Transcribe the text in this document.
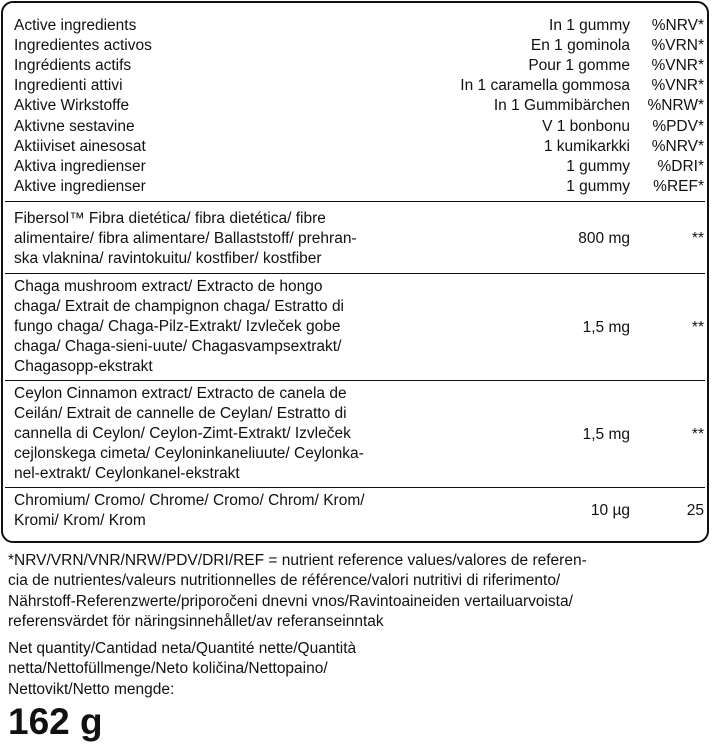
Active ingredients	In 1 gummy %NRV*
Ingredientes activos	En 1 gominola %VRN*
Ingrédients actifs	Pour 1 gomme %VNR*
Ingredienti attivi	In 1 caramella gommosa %VNR*
Aktive Wirkstoffe	In 1 Gummibärchen %NRW*
Aktivne sestavine	V 1 bonbonu %PDV*
Aktiiviset ainesosat	1 kumikarkki %NRV*
Aktiva ingredienser	1 gummy %DRI*
Aktive ingredienser	1 gummy %REF*
Fibersol™ Fibra dietética/ fibra dietética/ fibre
alimentaire/ fibra alimentare/ Ballaststoff/ prehran-
ska vlaknina/ ravintokuitu/ kostfiber/ kostfiber
800 mg	**
Chaga mushroom extract/ Extracto de hongo
chaga/ Extrait de champignon chaga/ Estratto di
fungo chaga/ Chaga-Pilz-Extrakt/ Izvleček gobe
chaga/ Chaga-sieni-uute/ Chagasvampsextrakt/
Chagasopp-ekstrakt
1,5 mg	**
Ceylon Cinnamon extract/ Extracto de canela de
Ceilán/ Extrait de cannelle de Ceylan/ Estratto di
cannella di Ceylon/ Ceylon-Zimt-Extrakt/ Izvleček
cejlonskega cimeta/ Ceyloninkaneliuute/ Ceylonka-
nel-extrakt/ Ceylonkanel-ekstrakt
1,5 mg	**
Chromium/ Cromo/ Chrome/ Cromo/ Chrom/ Krom/
Kromi/ Krom/ Krom
10 µg	25
*NRV/VRN/VNR/NRW/PDV/DRI/REF = nutrient reference values/valores de referen-
cia de nutrientes/valeurs nutritionnelles de référence/valori nutritivi di riferimento/
Nährstoff-Referenzwerte/priporočeni dnevni vnos/Ravintoaineiden vertailuarvoista/
referensvärdet för näringsinnehållet/av referanseinntak
Net quantity/Cantidad neta/Quantité nette/Quantità
netta/Nettofüllmenge/Neto količina/Nettopaino/
Nettovikt/Netto mengde:
162 g
